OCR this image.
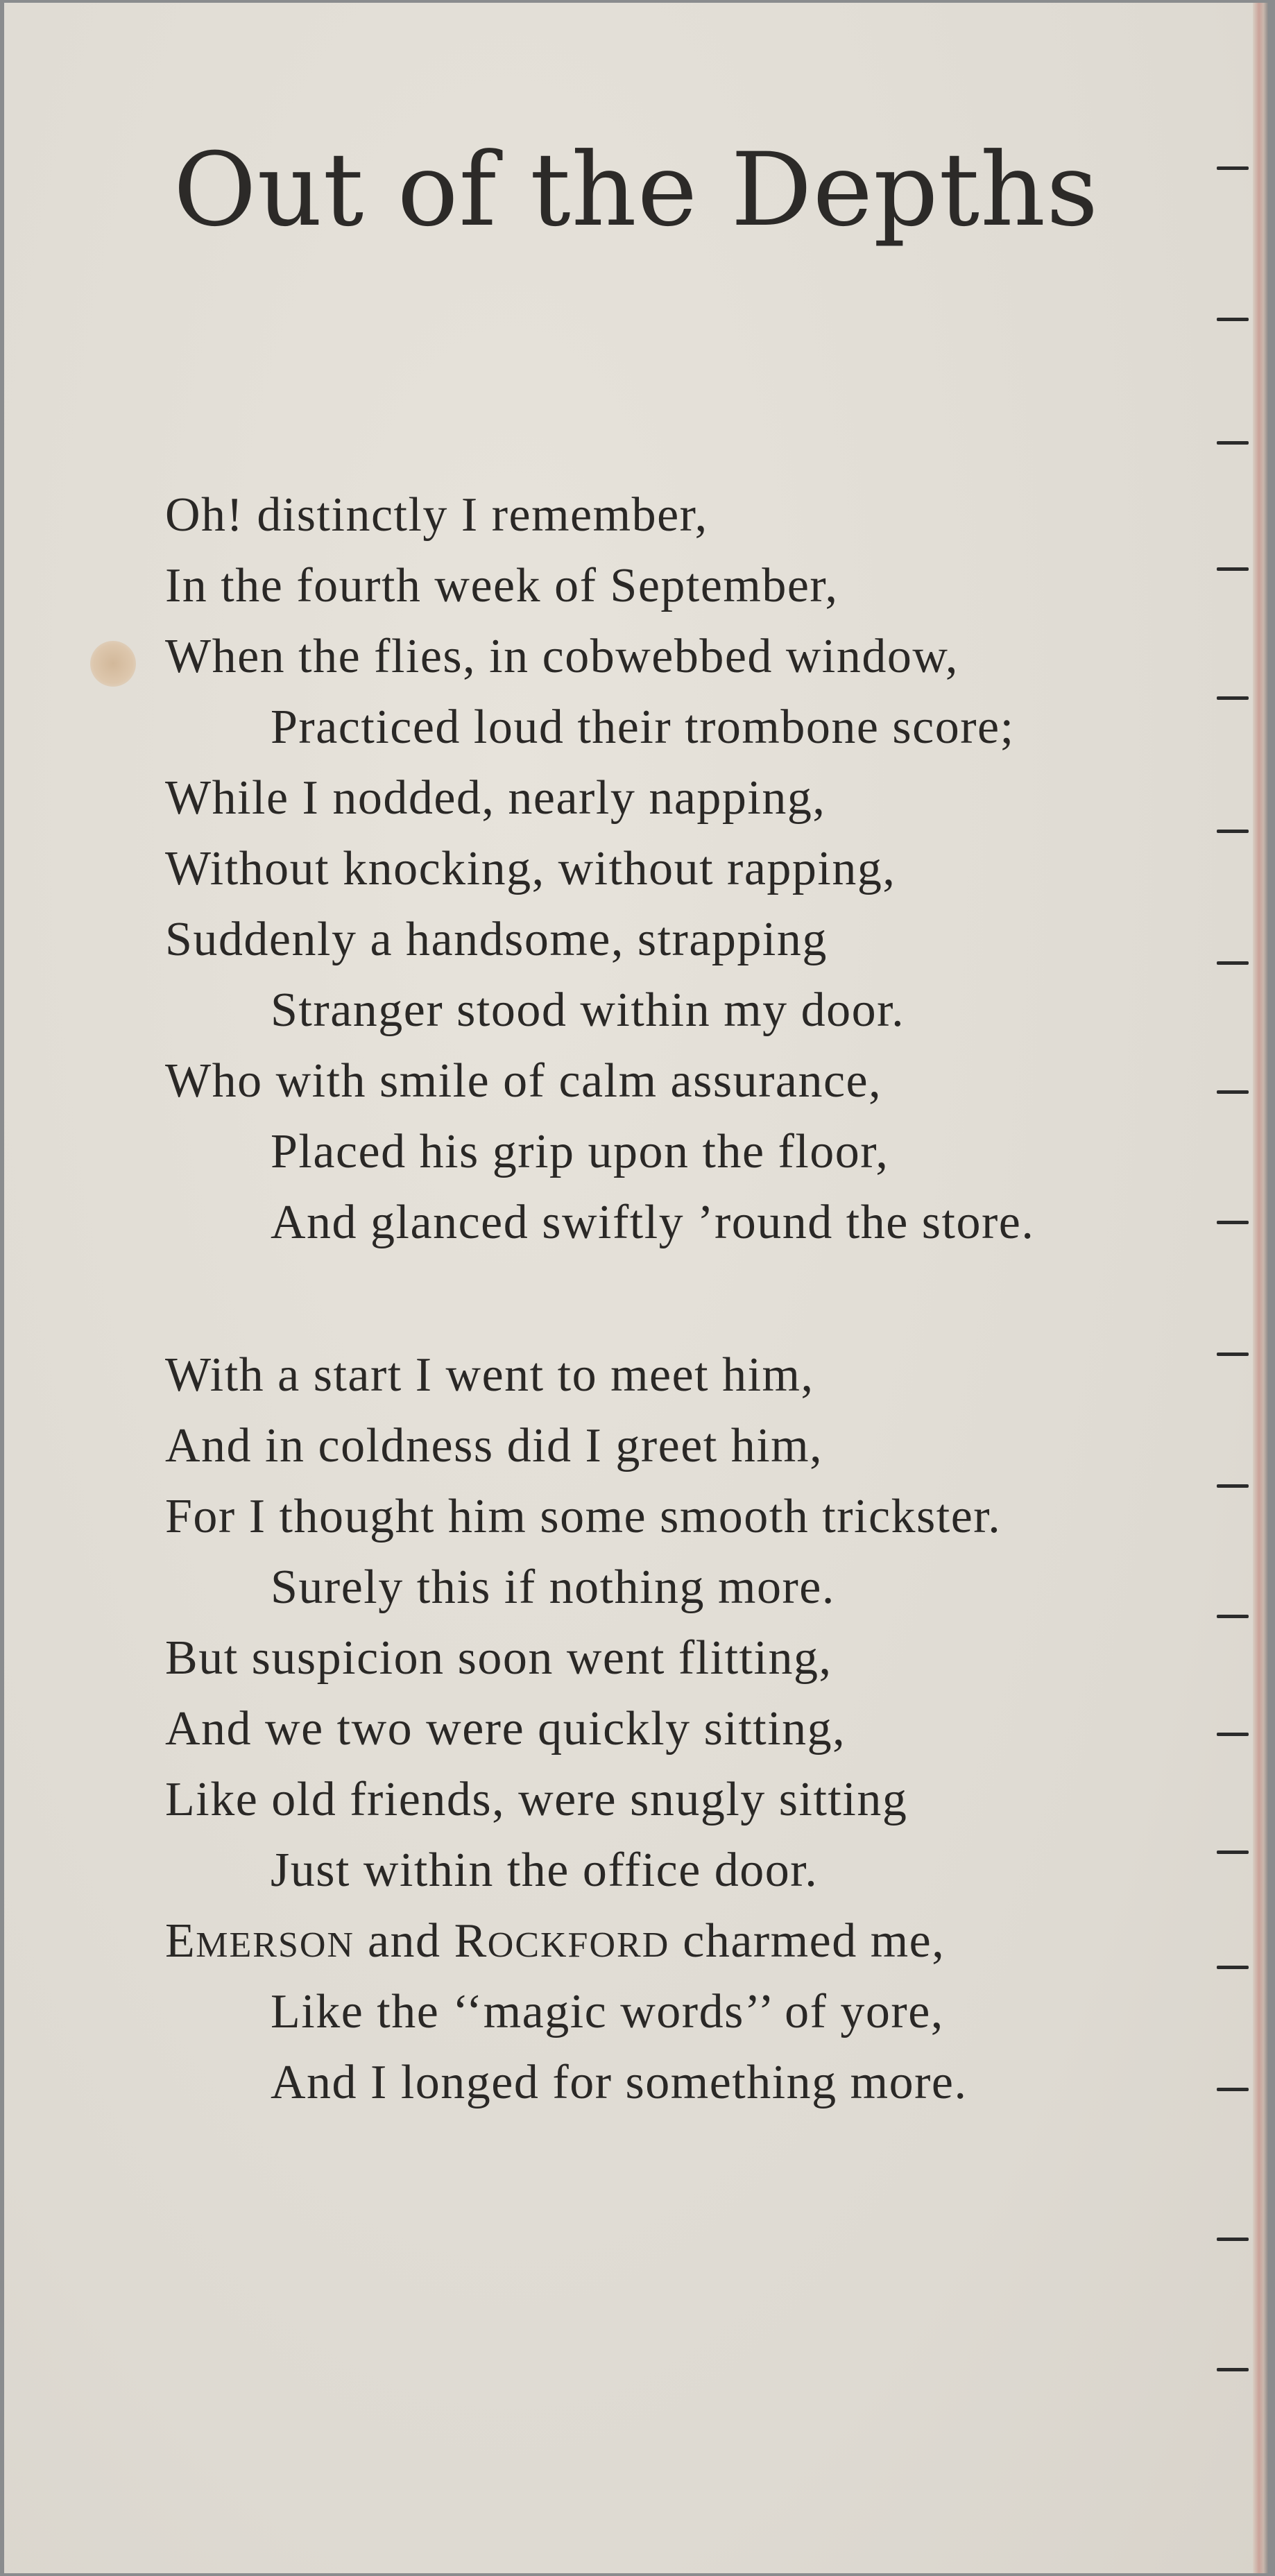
Out of the Depths
Oh! distinctly I remember,
In the fourth week of September,
When the flies, in cobwebbed window,
Practiced loud their trombone score;
While I nodded, nearly napping,
Without knocking, without rapping,
Suddenly a handsome, strapping
Stranger stood within my door.
Who with smile of calm assurance,
Placed his grip upon the floor,
And glanced swiftly ’round the store.
With a start I went to meet him,
And in coldness did I greet him,
For I thought him some smooth trickster.
Surely this if nothing more.
But suspicion soon went flitting,
And we two were quickly sitting,
Like old friends, were snugly sitting
Just within the office door.
EMERSON and ROCKFORD charmed me,
Like the ‘‘magic words’’ of yore,
And I longed for something more.
